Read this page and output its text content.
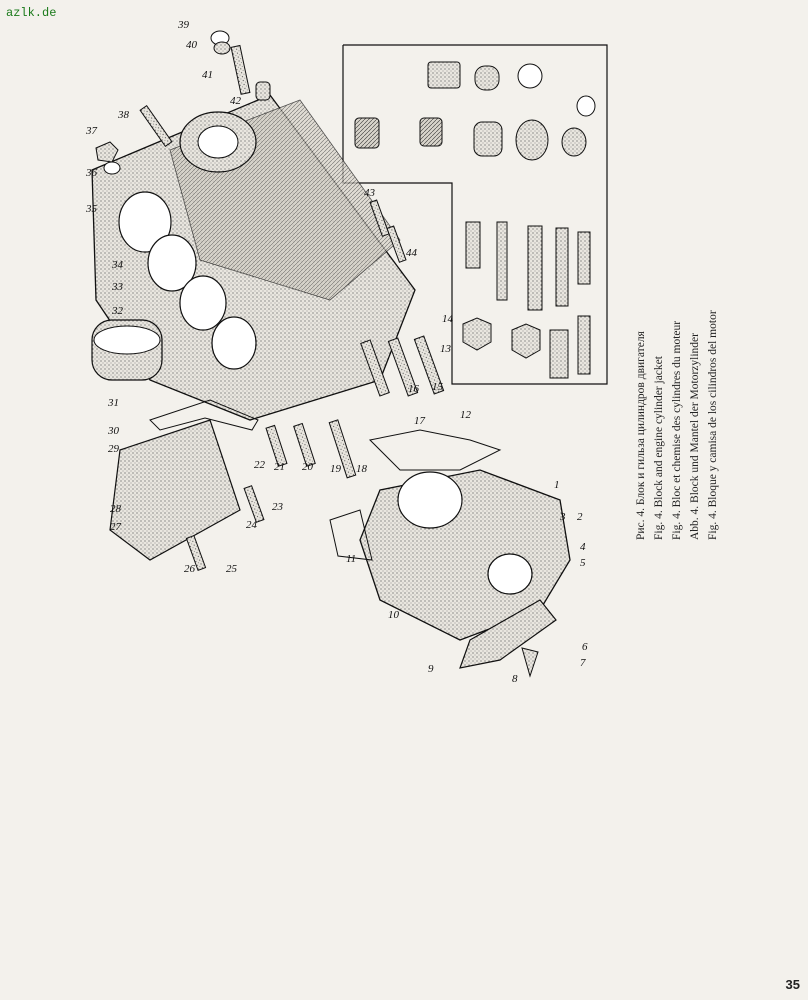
azlk.de
1
2
3
4
5
6
7
8
9
10
11
12
13
14
15
16
17
18
19
20
21
22
23
24
25
26
27
28
29
30
31
32
33
34
35
36
37
38
39
40
41
42
43
44
Рис. 4. Блок и гильза цилиндров двигателя Fig. 4. Block and engine cylinder jacket Fig. 4. Bloc et chemise des cylindres du moteur Abb. 4. Block und Mantel der Motorzylinder Fig. 4. Bloque y camisa de los cilindros del motor
35
